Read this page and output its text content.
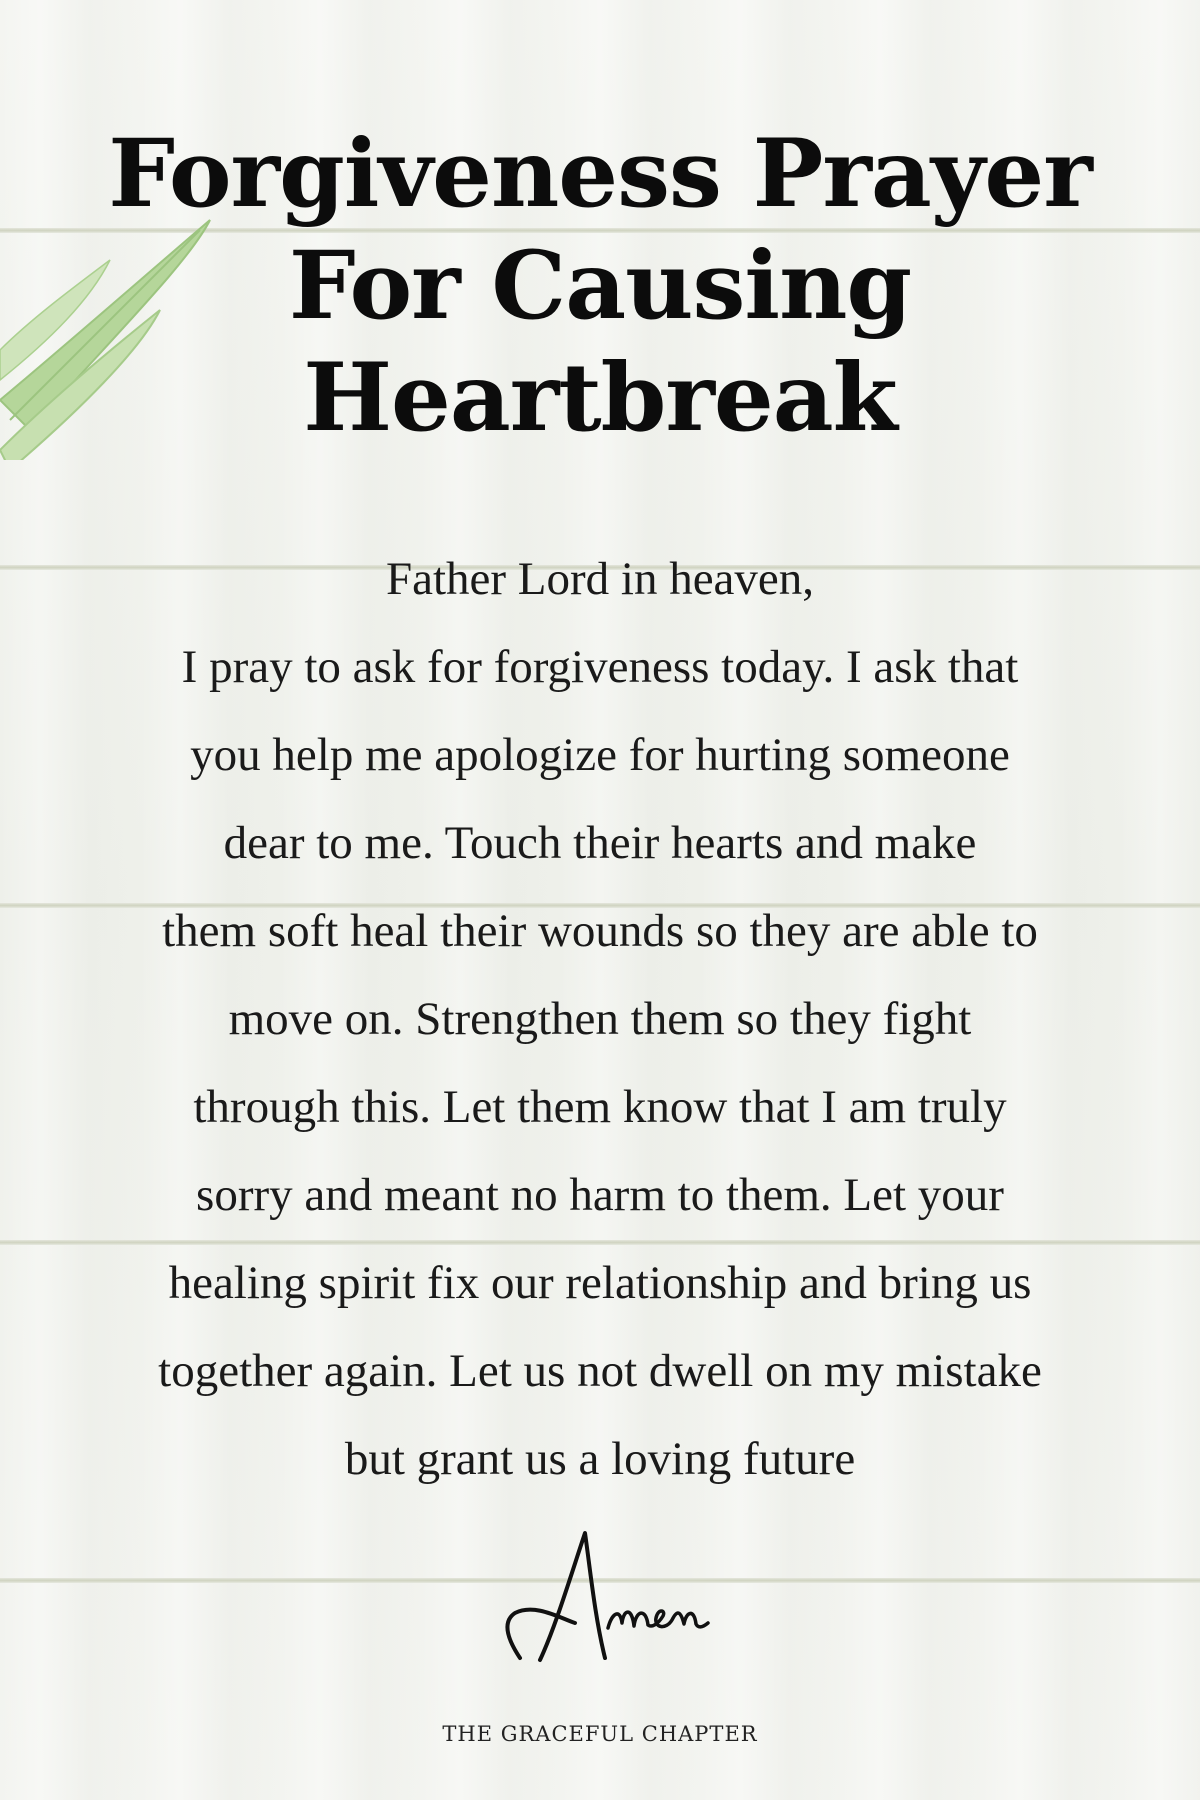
Forgiveness Prayer
For Causing
Heartbreak
Father Lord in heaven,
I pray to ask for forgiveness today. I ask that
you help me apologize for hurting someone
dear to me. Touch their hearts and make
them soft heal their wounds so they are able to
move on. Strengthen them so they fight
through this. Let them know that I am truly
sorry and meant no harm to them. Let your
healing spirit fix our relationship and bring us
together again. Let us not dwell on my mistake
but grant us a loving future
THE GRACEFUL CHAPTER
